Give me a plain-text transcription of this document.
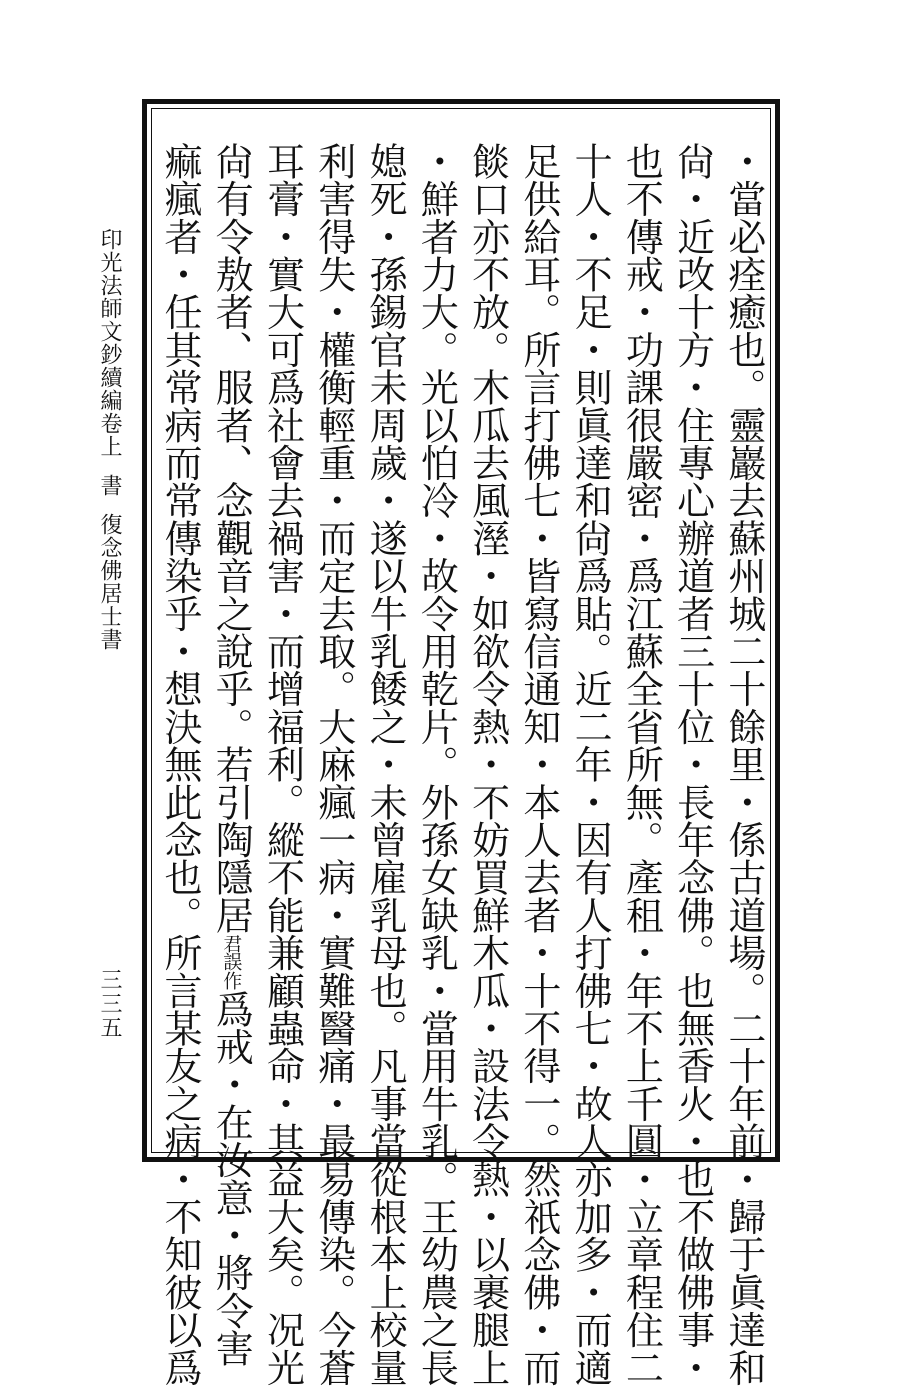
印光法師文鈔續編卷上書復念佛居士書
三三五	・當必痊癒也。靈巖去蘇州城二十餘里・係古道場。二十年前・歸于眞達和
尙・近改十方・住專心辦道者三十位・長年念佛。也無香火・也不做佛事・
也不傳戒・功課很嚴密・爲江蘇全省所無。產租・年不上千圓・立章程住二
十人・不足・則眞達和尙爲貼。近二年・因有人打佛七・故人亦加多・而適
足供給耳。所言打佛七・皆寫信通知・本人去者・十不得一。然祇念佛・而
餤口亦不放。木瓜去風溼・如欲令熱・不妨買鮮木瓜・設法令熱・以裹腿上
・鮮者力大。光以怕冷・故令用乾片。外孫女缺乳・當用牛乳。王幼農之長
媳死・孫錫官未周歲・遂以牛乳餧之・未曾雇乳母也。凡事當從根本上校量
利害得失・權衡輕重・而定去取。大麻瘋一病・實難醫痛・最易傳染。今蒼
耳膏・實大可爲社會去禍害・而增福利。縱不能兼顧蟲命・其益大矣。况光
尙有令敖者、服者、念觀音之說乎。若引陶隱居
誤作
君
爲戒・在汝意・將令害
痲瘋者・任其常病而常傳染乎・想決無此念也。所言某友之病・不知彼以爲
